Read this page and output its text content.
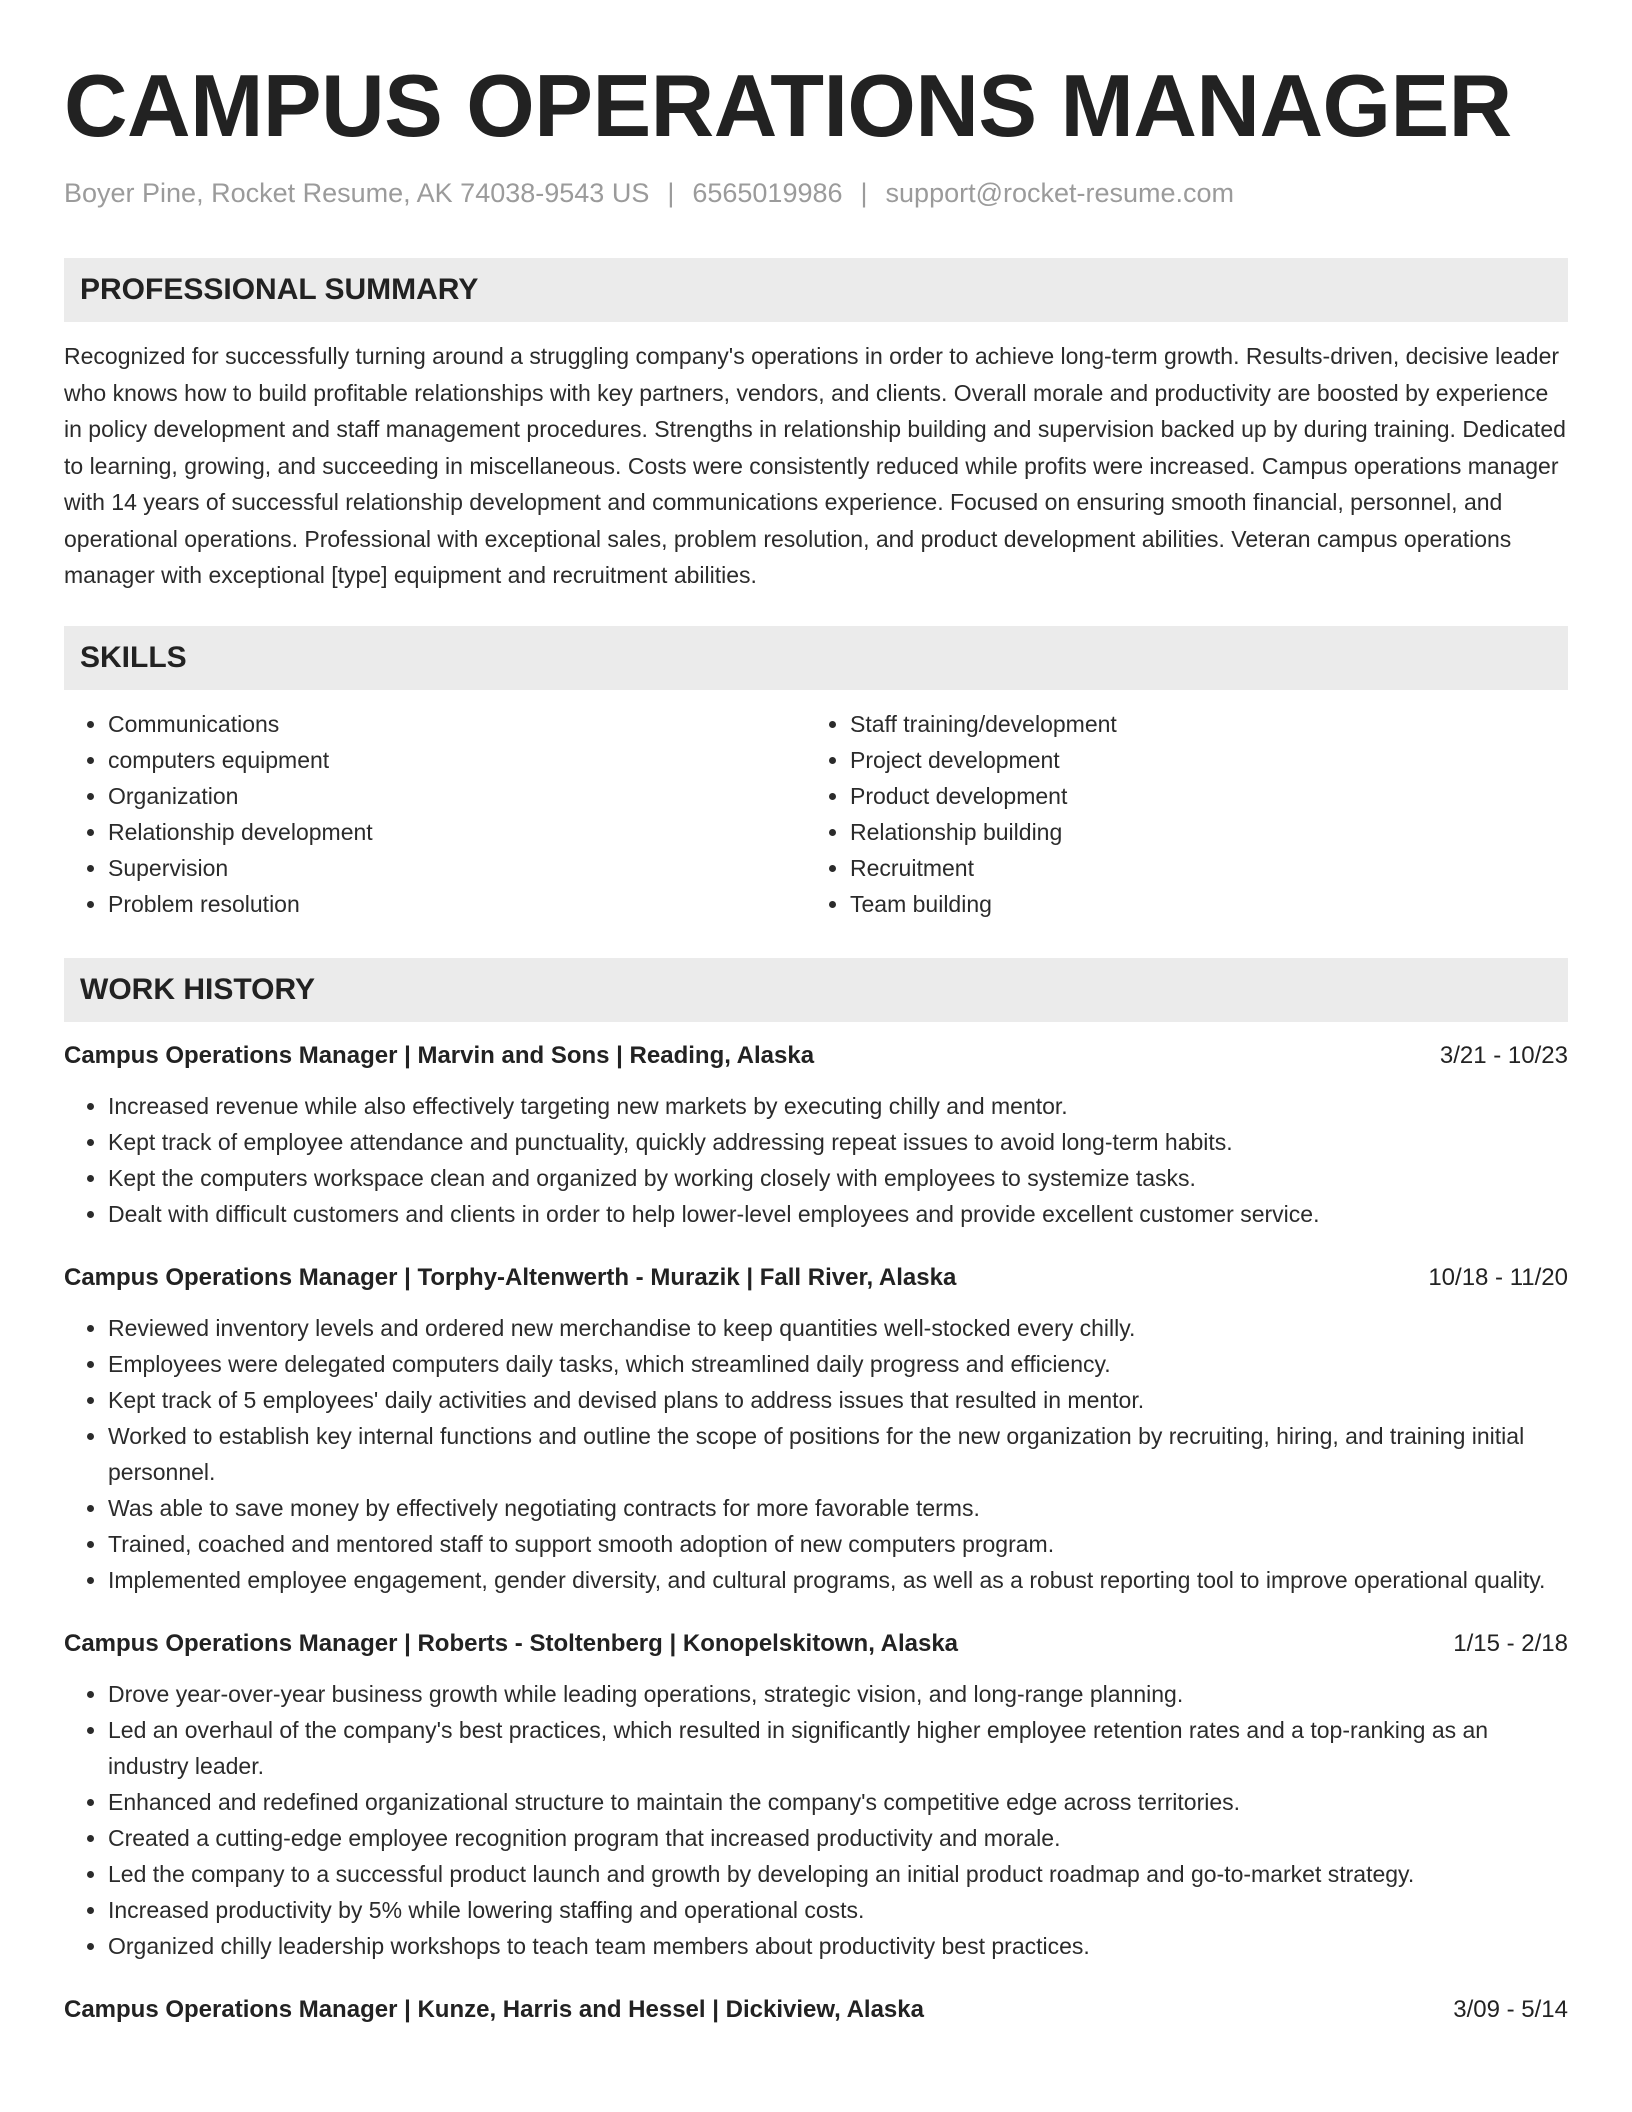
CAMPUS OPERATIONS MANAGER
Boyer Pine, Rocket Resume, AK 74038-9543 US | 6565019986 | support@rocket-resume.com
PROFESSIONAL SUMMARY
Recognized for successfully turning around a struggling company's operations in order to achieve long-term growth. Results-driven, decisive leader who knows how to build profitable relationships with key partners, vendors, and clients. Overall morale and productivity are boosted by experience in policy development and staff management procedures. Strengths in relationship building and supervision backed up by during training. Dedicated to learning, growing, and succeeding in miscellaneous. Costs were consistently reduced while profits were increased. Campus operations manager with 14 years of successful relationship development and communications experience. Focused on ensuring smooth financial, personnel, and operational operations. Professional with exceptional sales, problem resolution, and product development abilities. Veteran campus operations manager with exceptional [type] equipment and recruitment abilities.
SKILLS
• Communications
• computers equipment
• Organization
• Relationship development
• Supervision
• Problem resolution
• Staff training/development
• Project development
• Product development
• Relationship building
• Recruitment
• Team building
WORK HISTORY
Campus Operations Manager | Marvin and Sons | Reading, Alaska	3/21 - 10/23
• Increased revenue while also effectively targeting new markets by executing chilly and mentor.
• Kept track of employee attendance and punctuality, quickly addressing repeat issues to avoid long-term habits.
• Kept the computers workspace clean and organized by working closely with employees to systemize tasks.
• Dealt with difficult customers and clients in order to help lower-level employees and provide excellent customer service.
Campus Operations Manager | Torphy-Altenwerth - Murazik | Fall River, Alaska	10/18 - 11/20
• Reviewed inventory levels and ordered new merchandise to keep quantities well-stocked every chilly.
• Employees were delegated computers daily tasks, which streamlined daily progress and efficiency.
• Kept track of 5 employees' daily activities and devised plans to address issues that resulted in mentor.
• Worked to establish key internal functions and outline the scope of positions for the new organization by recruiting, hiring, and training initial personnel.
• Was able to save money by effectively negotiating contracts for more favorable terms.
• Trained, coached and mentored staff to support smooth adoption of new computers program.
• Implemented employee engagement, gender diversity, and cultural programs, as well as a robust reporting tool to improve operational quality.
Campus Operations Manager | Roberts - Stoltenberg | Konopelskitown, Alaska	1/15 - 2/18
• Drove year-over-year business growth while leading operations, strategic vision, and long-range planning.
• Led an overhaul of the company's best practices, which resulted in significantly higher employee retention rates and a top-ranking as an industry leader.
• Enhanced and redefined organizational structure to maintain the company's competitive edge across territories.
• Created a cutting-edge employee recognition program that increased productivity and morale.
• Led the company to a successful product launch and growth by developing an initial product roadmap and go-to-market strategy.
• Increased productivity by 5% while lowering staffing and operational costs.
• Organized chilly leadership workshops to teach team members about productivity best practices.
Campus Operations Manager | Kunze, Harris and Hessel | Dickiview, Alaska	3/09 - 5/14
